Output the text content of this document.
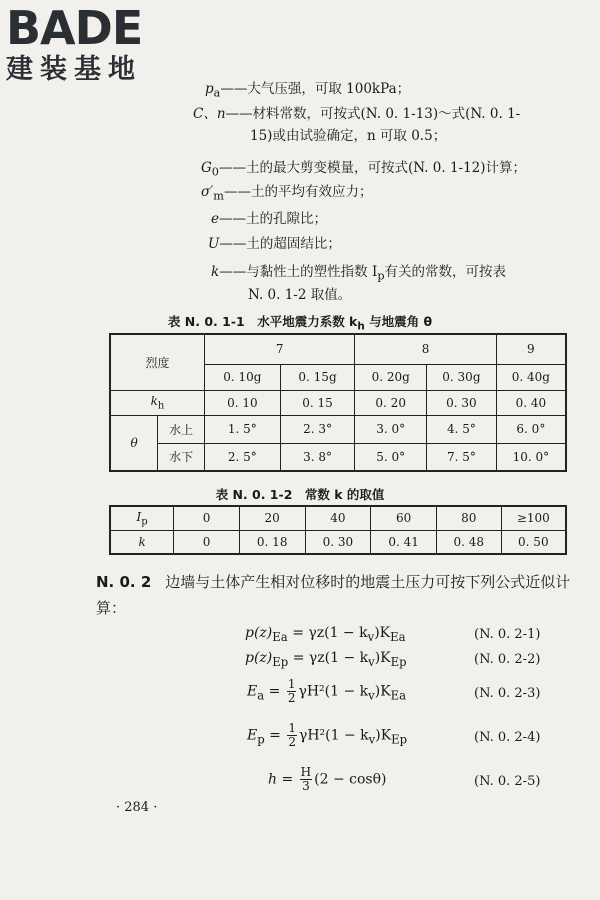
BADE
建装基地
$p_a——$大气压强，可取 100kPa；
C、n——材料常数，可按式(N. 0. 1-13)～式(N. 0. 1-
15)或由试验确定，n 可取 0.5；
$G_0——$土的最大剪变模量，可按式(N. 0. 1-12)计算；
$\sigma'_m——$土的平均有效应力；
e——土的孔隙比；
U——土的超固结比；
k——与黏性土的塑性指数 $I_p$有关的常数，可按表
N. 0. 1-2 取值。
表 N. 0. 1-1　水平地震力系数 $k_h$ 与地震角 θ
烈度		7		8		9
		0. 10g	0. 15g	0. 20g	0. 30g	0. 40g
$k_h$		0. 10	0. 15	0. 20	0. 30	0. 40
θ	水上	1. 5°	2. 3°	3. 0°	4. 5°	6. 0°
	水下	2. 5°	3. 8°	5. 0°	7. 5°	10. 0°
表 N. 0. 1-2　常数 k 的取值
$I_p$	0	20	40	60	80	≥100
k	0	0. 18	0. 30	0. 41	0. 48	0. 50
N. 0. 2 边墙与土体产生相对位移时的地震土压力可按下列公式近似计算：
$p(z)_{Ea} = \gamma z(1 - k_v)K_{Ea}$	(N. 0. 2-1)
$p(z)_{Ep} = \gamma z(1 - k_v)K_{Ep}$	(N. 0. 2-2)
$E_a = \frac{1}{2} \gamma H^2(1 - k_v)K_{Ea}$	(N. 0. 2-3)
$E_p = \frac{1}{2} \gamma H^2(1 - k_v)K_{Ep}$	(N. 0. 2-4)
$h = \frac{H}{3} (2 - \cos\theta)$	(N. 0. 2-5)
· 284 ·
